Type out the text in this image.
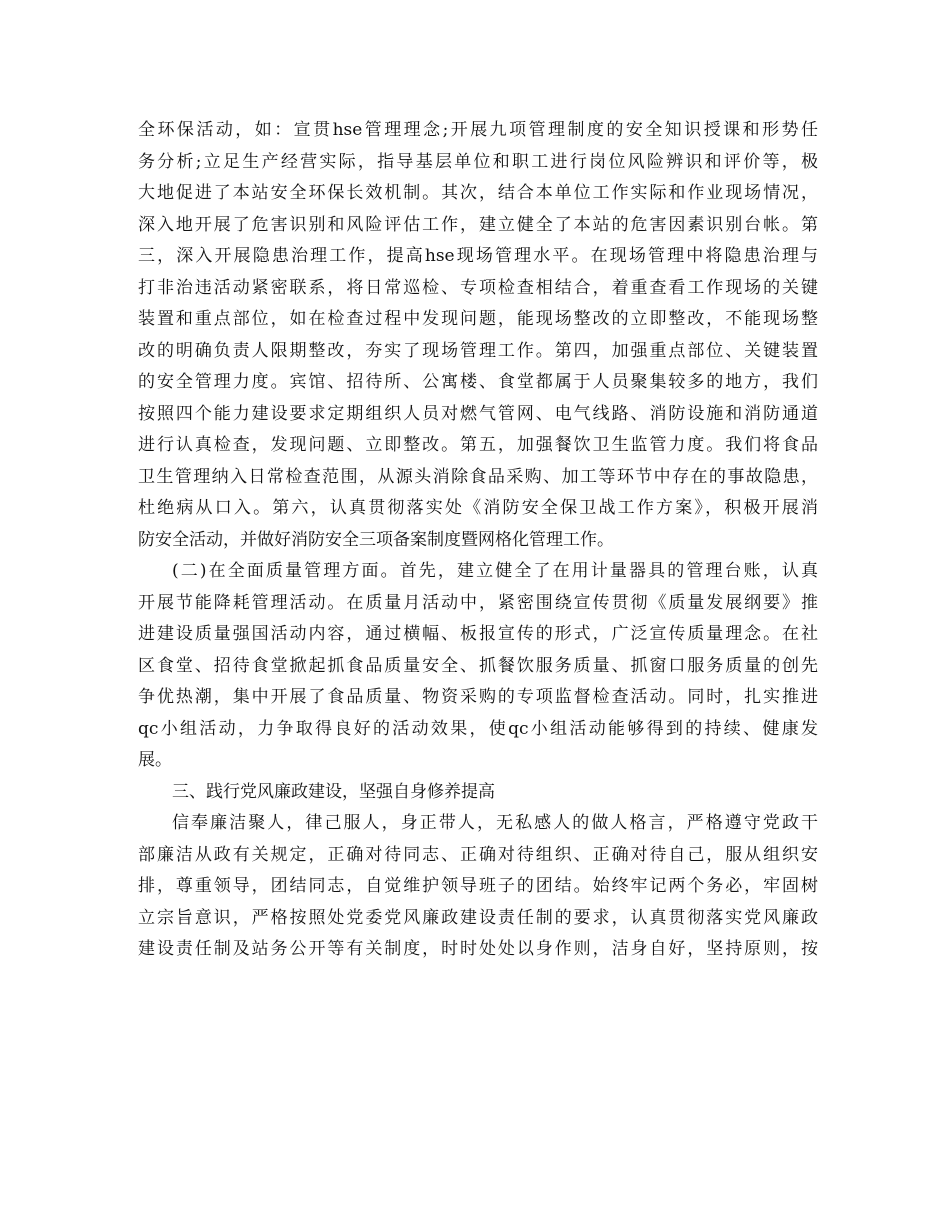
全环保活动，如：宣贯hse管理理念;开展九项管理制度的安全知识授课和形势任
务分析;立足生产经营实际，指导基层单位和职工进行岗位风险辨识和评价等，极
大地促进了本站安全环保长效机制。其次，结合本单位工作实际和作业现场情况，
深入地开展了危害识别和风险评估工作，建立健全了本站的危害因素识别台帐。第
三，深入开展隐患治理工作，提高hse现场管理水平。在现场管理中将隐患治理与
打非治违活动紧密联系，将日常巡检、专项检查相结合，着重查看工作现场的关键
装置和重点部位，如在检查过程中发现问题，能现场整改的立即整改，不能现场整
改的明确负责人限期整改，夯实了现场管理工作。第四，加强重点部位、关键装置
的安全管理力度。宾馆、招待所、公寓楼、食堂都属于人员聚集较多的地方，我们
按照四个能力建设要求定期组织人员对燃气管网、电气线路、消防设施和消防通道
进行认真检查，发现问题、立即整改。第五，加强餐饮卫生监管力度。我们将食品
卫生管理纳入日常检查范围，从源头消除食品采购、加工等环节中存在的事故隐患，
杜绝病从口入。第六，认真贯彻落实处《消防安全保卫战工作方案》，积极开展消
防安全活动，并做好消防安全三项备案制度暨网格化管理工作。
(二)在全面质量管理方面。首先，建立健全了在用计量器具的管理台账，认真
开展节能降耗管理活动。在质量月活动中，紧密围绕宣传贯彻《质量发展纲要》推
进建设质量强国活动内容，通过横幅、板报宣传的形式，广泛宣传质量理念。在社
区食堂、招待食堂掀起抓食品质量安全、抓餐饮服务质量、抓窗口服务质量的创先
争优热潮，集中开展了食品质量、物资采购的专项监督检查活动。同时，扎实推进
qc小组活动，力争取得良好的活动效果，使qc小组活动能够得到的持续、健康发
展。
三、践行党风廉政建设，坚强自身修养提高
信奉廉洁聚人，律己服人，身正带人，无私感人的做人格言，严格遵守党政干
部廉洁从政有关规定，正确对待同志、正确对待组织、正确对待自己，服从组织安
排，尊重领导，团结同志，自觉维护领导班子的团结。始终牢记两个务必，牢固树
立宗旨意识，严格按照处党委党风廉政建设责任制的要求，认真贯彻落实党风廉政
建设责任制及站务公开等有关制度，时时处处以身作则，洁身自好，坚持原则，按
